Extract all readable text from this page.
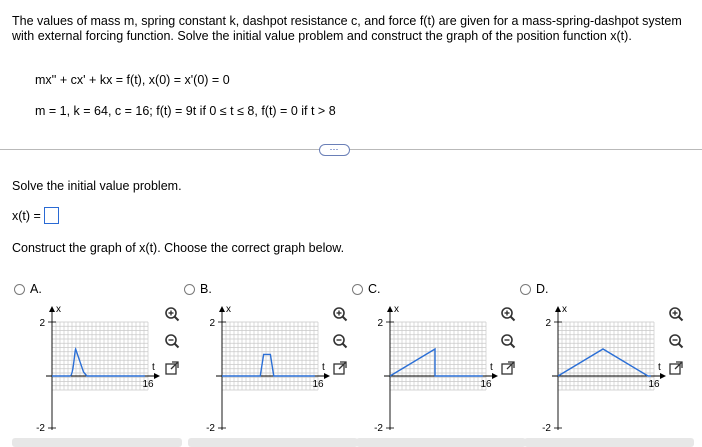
The values of mass m, spring constant k, dashpot resistance c, and force f(t) are given for a mass-spring-dashpot system with external forcing function. Solve the initial value problem and construct the graph of the position function x(t).

mx'' + cx' + kx = f(t), x(0) = x'(0) = 0
m = 1, k = 64, c = 16; f(t) = 9t if 0 ≤ t ≤ 8, f(t) = 0 if t > 8
⋯
Solve the initial value problem.
x(t) =
Construct the graph of x(t). Choose the correct graph below.
A.
2
-2
x
t
16
B.
2
-2
x
t
16
C.
2
-2
x
t
16
D.
2
-2
x
t
16
